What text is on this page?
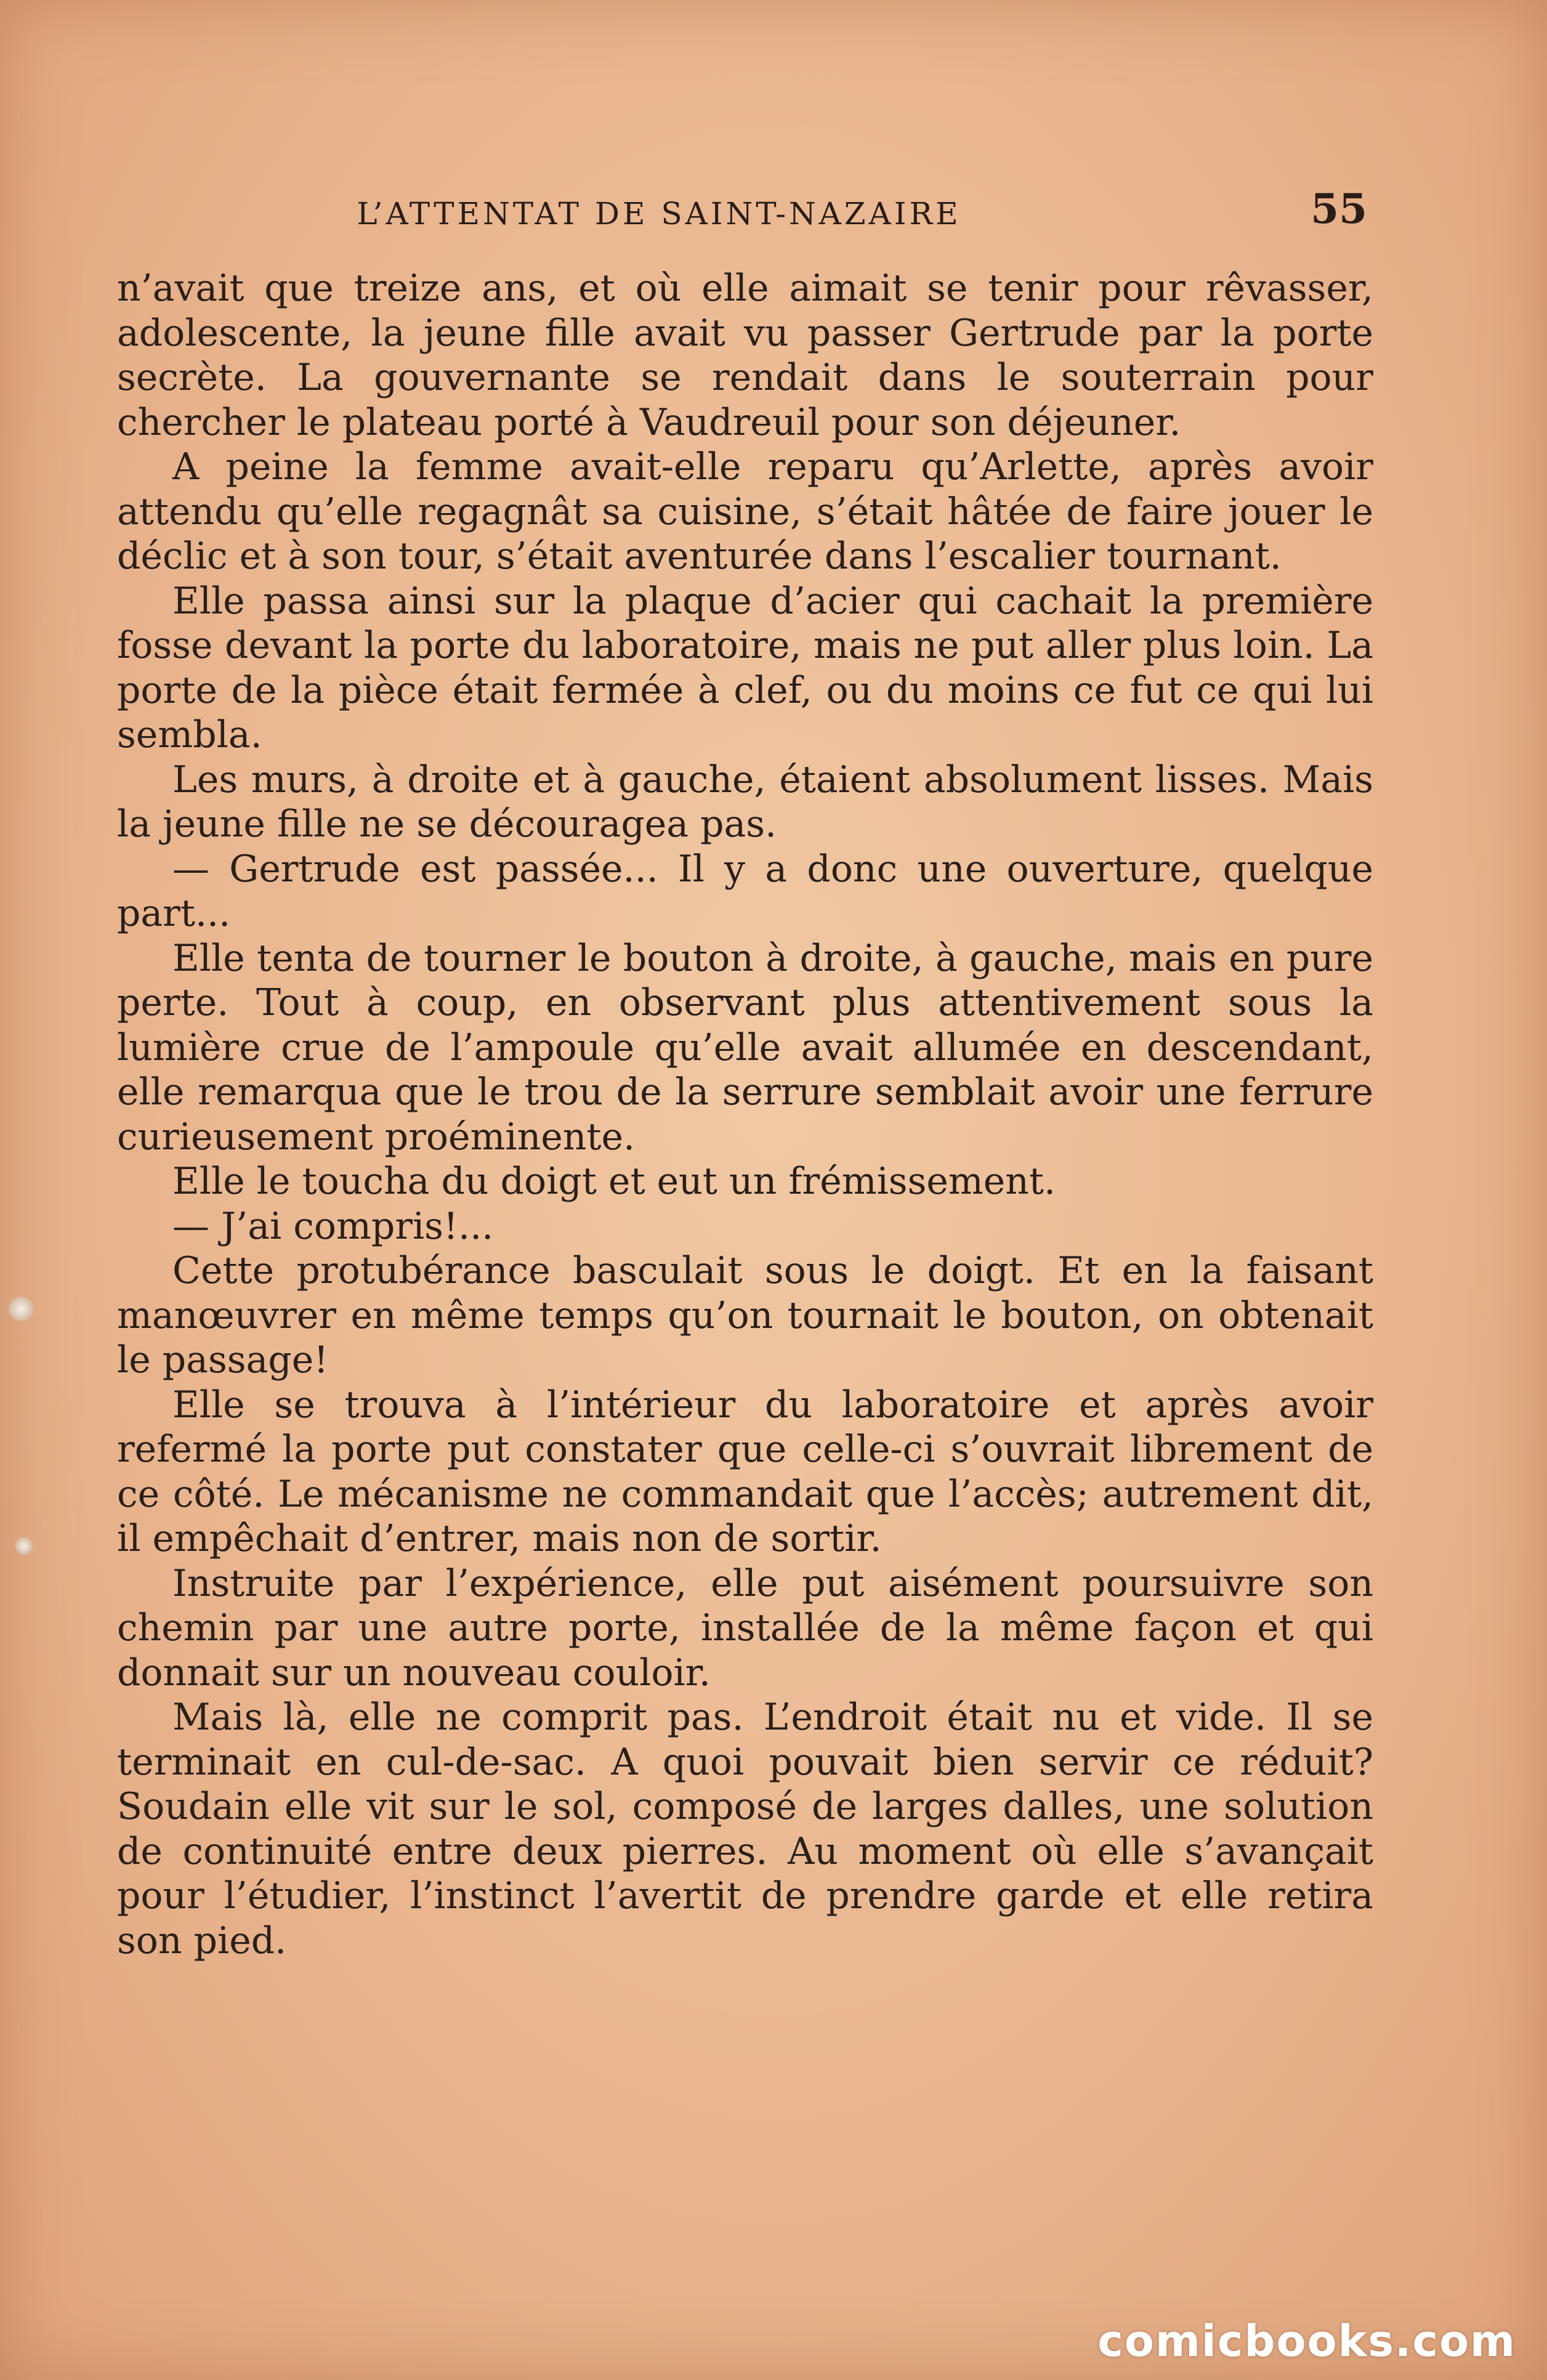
L’ATTENTAT DE SAINT-NAZAIRE	55

n’avait que treize ans, et où elle aimait se tenir pour rêvasser, adolescente, la jeune fille avait vu passer Gertrude par la porte secrète. La gouvernante se rendait dans le souterrain pour chercher le plateau porté à Vaudreuil pour son déjeuner.

A peine la femme avait-elle reparu qu’Arlette, après avoir attendu qu’elle regagnât sa cuisine, s’était hâtée de faire jouer le déclic et à son tour, s’était aventurée dans l’escalier tournant.

Elle passa ainsi sur la plaque d’acier qui cachait la première fosse devant la porte du laboratoire, mais ne put aller plus loin. La porte de la pièce était fermée à clef, ou du moins ce fut ce qui lui sembla.

Les murs, à droite et à gauche, étaient absolument lisses. Mais la jeune fille ne se découragea pas.

— Gertrude est passée... Il y a donc une ouverture, quelque part...

Elle tenta de tourner le bouton à droite, à gauche, mais en pure perte. Tout à coup, en observant plus attentivement sous la lumière crue de l’ampoule qu’elle avait allumée en descendant, elle remarqua que le trou de la serrure semblait avoir une ferrure curieusement proéminente.

Elle le toucha du doigt et eut un frémissement.

— J’ai compris!...

Cette protubérance basculait sous le doigt. Et en la faisant manœuvrer en même temps qu’on tournait le bouton, on obtenait le passage!

Elle se trouva à l’intérieur du laboratoire et après avoir refermé la porte put constater que celle-ci s’ouvrait librement de ce côté. Le mécanisme ne commandait que l’accès; autrement dit, il empêchait d’entrer, mais non de sortir.

Instruite par l’expérience, elle put aisément poursuivre son chemin par une autre porte, installée de la même façon et qui donnait sur un nouveau couloir.

Mais là, elle ne comprit pas. L’endroit était nu et vide. Il se terminait en cul-de-sac. A quoi pouvait bien servir ce réduit? Soudain elle vit sur le sol, composé de larges dalles, une solution de continuité entre deux pierres. Au moment où elle s’avançait pour l’étudier, l’instinct l’avertit de prendre garde et elle retira son pied.

comicbooks.com
